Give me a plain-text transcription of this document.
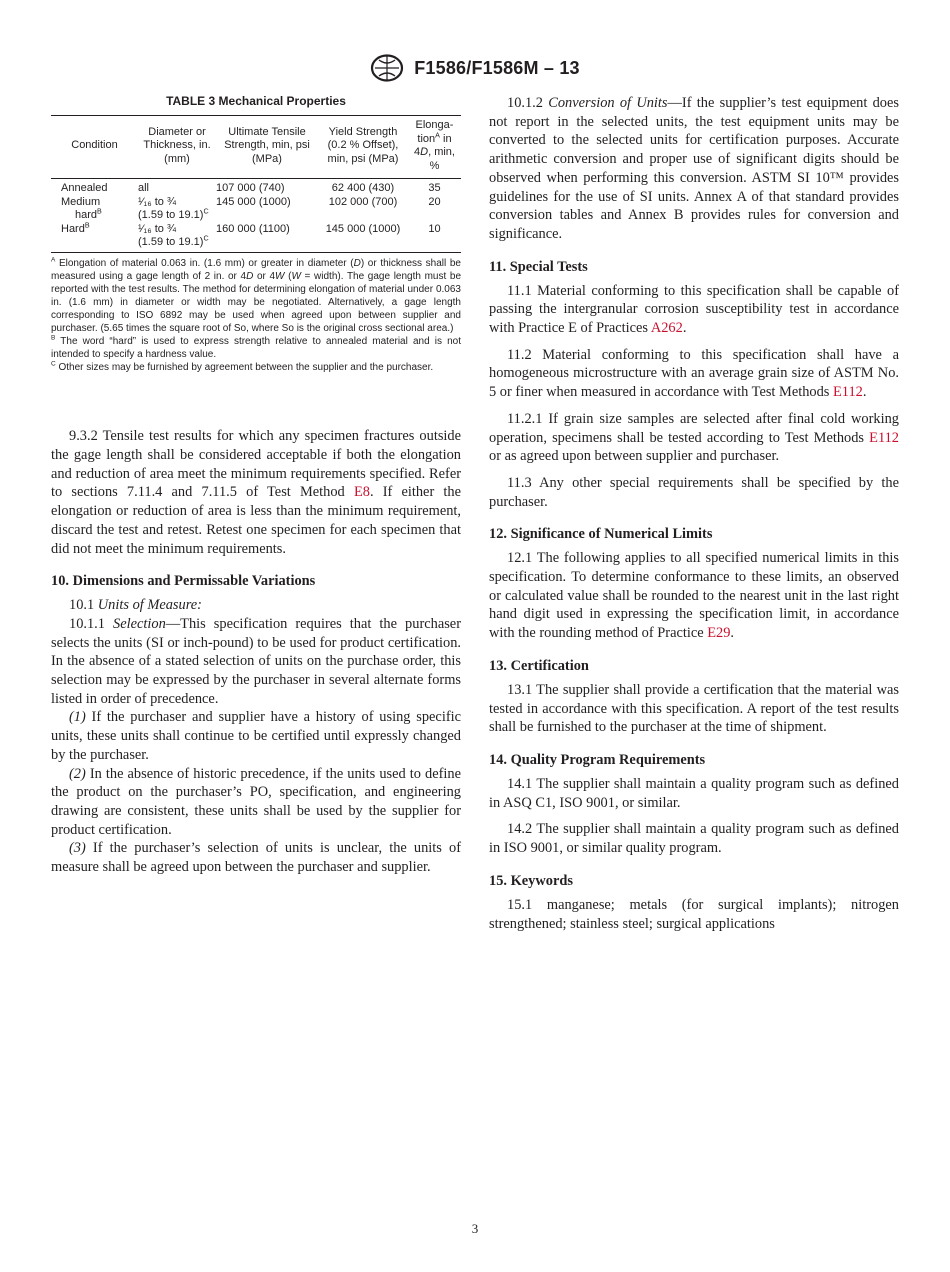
F1586/F1586M – 13
TABLE 3 Mechanical Properties
Condition	Diameter or
Thickness, in.
(mm)	Ultimate Tensile
Strength, min, psi
(MPa)	Yield Strength
(0.2 % Offset),
min, psi (MPa)	Elonga-
tion$^A$ in
4D, min,
%
Annealed	all	107 000 (740)	62 400 (430)	35
Medium
hard$^B$	¹⁄₁₆ to ¾
(1.59 to 19.1)$^C$	145 000 (1000)	102 000 (700)	20
Hard$^B$	¹⁄₁₆ to ¾
(1.59 to 19.1)$^C$	160 000 (1100)	145 000 (1000)	10

$^A$ Elongation of material 0.063 in. (1.6 mm) or greater in diameter (D) or thickness shall be measured using a gage length of 2 in. or 4D or 4W (W = width). The gage length must be reported with the test results. The method for determining elongation of material under 0.063 in. (1.6 mm) in diameter or width may be negotiated. Alternatively, a gage length corresponding to ISO 6892 may be used when agreed upon between supplier and purchaser. (5.65 times the square root of So, where So is the original cross sectional area.)

$^B$ The word “hard” is used to express strength relative to annealed material and is not intended to specify a hardness value.

$^C$ Other sizes may be furnished by agreement between the supplier and the purchaser.

9.3.2 Tensile test results for which any specimen fractures outside the gage length shall be considered acceptable if both the elongation and reduction of area meet the minimum requirements specified. Refer to sections 7.11.4 and 7.11.5 of Test Method E8. If either the elongation or reduction of area is less than the minimum requirement, discard the test and retest. Retest one specimen for each specimen that did not meet the minimum requirements.

10. Dimensions and Permissable Variations

10.1 Units of Measure:

10.1.1 Selection—This specification requires that the purchaser selects the units (SI or inch-pound) to be used for product certification. In the absence of a stated selection of units on the purchase order, this selection may be expressed by the purchaser in several alternate forms listed in order of precedence.

(1) If the purchaser and supplier have a history of using specific units, these units shall continue to be certified until expressly changed by the purchaser.

(2) In the absence of historic precedence, if the units used to define the product on the purchaser’s PO, specification, and engineering drawing are consistent, these units shall be used by the supplier for product certification.

(3) If the purchaser’s selection of units is unclear, the units of measure shall be agreed upon between the purchaser and supplier.

10.1.2 Conversion of Units—If the supplier’s test equipment does not report in the selected units, the test equipment units may be converted to the selected units for certification purposes. Accurate arithmetic conversion and proper use of significant digits should be observed when performing this conversion. ASTM SI 10™ provides guidelines for the use of SI units. Annex A of that standard provides conversion tables and Annex B provides rules for conversion and significance.

11. Special Tests

11.1 Material conforming to this specification shall be capable of passing the intergranular corrosion susceptibility test in accordance with Practice E of Practices A262.

11.2 Material conforming to this specification shall have a homogeneous microstructure with an average grain size of ASTM No. 5 or finer when measured in accordance with Test Methods E112.

11.2.1 If grain size samples are selected after final cold working operation, specimens shall be tested according to Test Methods E112 or as agreed upon between supplier and purchaser.

11.3 Any other special requirements shall be specified by the purchaser.

12. Significance of Numerical Limits

12.1 The following applies to all specified numerical limits in this specification. To determine conformance to these limits, an observed or calculated value shall be rounded to the nearest unit in the last right hand digit used in expressing the specification limit, in accordance with the rounding method of Practice E29.

13. Certification

13.1 The supplier shall provide a certification that the material was tested in accordance with this specification. A report of the test results shall be furnished to the purchaser at the time of shipment.

14. Quality Program Requirements

14.1 The supplier shall maintain a quality program such as defined in ASQ C1, ISO 9001, or similar.

14.2 The supplier shall maintain a quality program such as defined in ISO 9001, or similar quality program.

15. Keywords

15.1 manganese; metals (for surgical implants); nitrogen strengthened; stainless steel; surgical applications

3
